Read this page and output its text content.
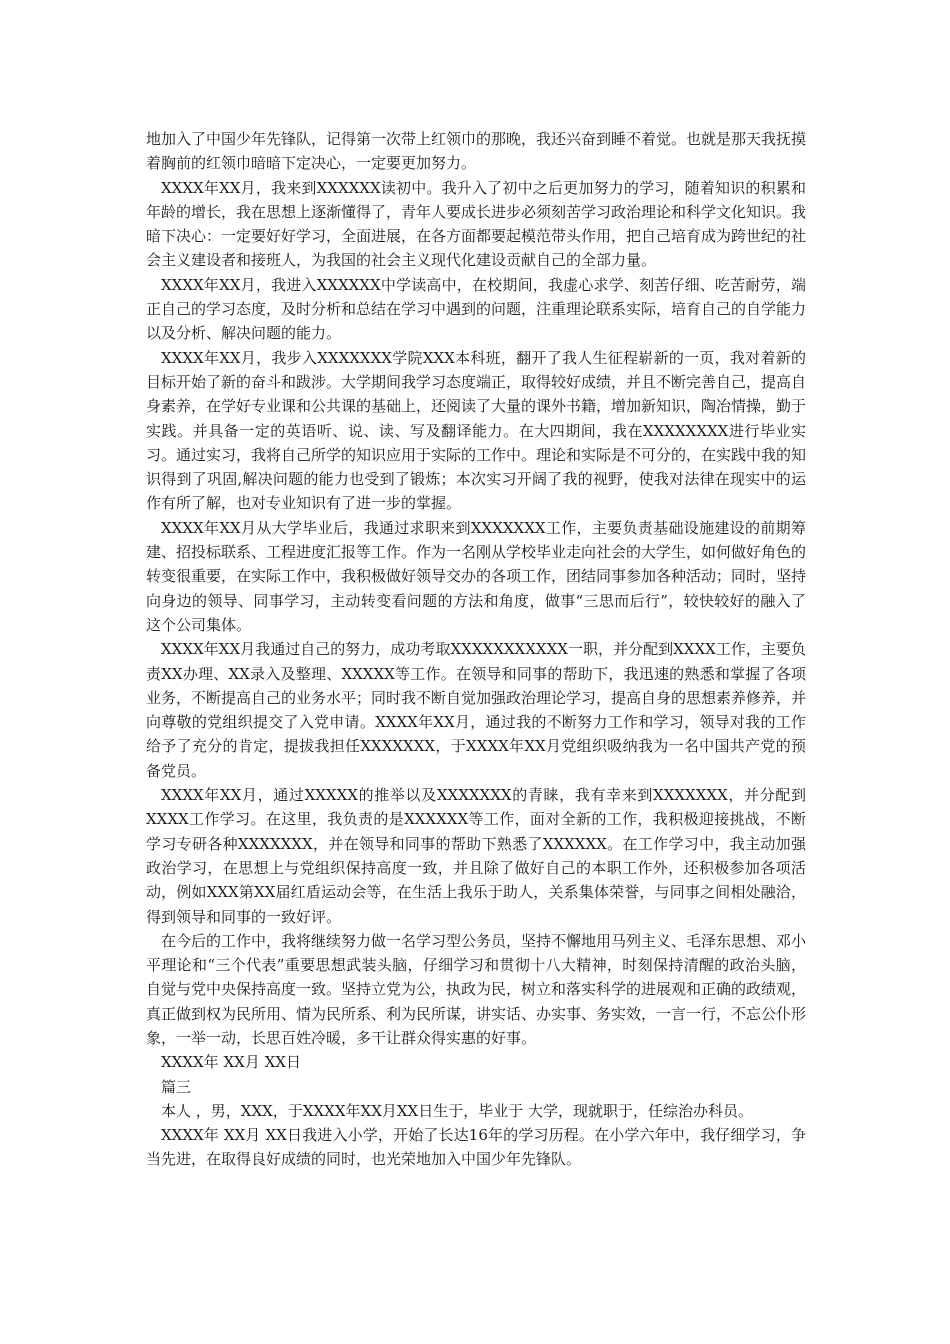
地加入了中国少年先锋队，记得第一次带上红领巾的那晚，我还兴奋到睡不着觉。也就是那天我抚摸着胸前的红领巾暗暗下定决心，一定要更加努力。

XXXX年XX月，我来到XXXXXX读初中。我升入了初中之后更加努力的学习，随着知识的积累和年龄的增长，我在思想上逐渐懂得了，青年人要成长进步必须刻苦学习政治理论和科学文化知识。我暗下决心：一定要好好学习，全面进展，在各方面都要起模范带头作用，把自己培育成为跨世纪的社会主义建设者和接班人，为我国的社会主义现代化建设贡献自己的全部力量。

XXXX年XX月，我进入XXXXXX中学读高中，在校期间，我虚心求学、刻苦仔细、吃苦耐劳，端正自己的学习态度，及时分析和总结在学习中遇到的问题，注重理论联系实际，培育自己的自学能力以及分析、解决问题的能力。

XXXX年XX月，我步入XXXXXXX学院XXX本科班，翻开了我人生征程崭新的一页，我对着新的目标开始了新的奋斗和跋涉。大学期间我学习态度端正，取得较好成绩，并且不断完善自己，提高自身素养，在学好专业课和公共课的基础上，还阅读了大量的课外书籍，增加新知识，陶冶情操，勤于实践。并具备一定的英语听、说、读、写及翻译能力。在大四期间，我在XXXXXXXX进行毕业实习。通过实习，我将自己所学的知识应用于实际的工作中。理论和实际是不可分的，在实践中我的知识得到了巩固,解决问题的能力也受到了锻炼；本次实习开阔了我的视野，使我对法律在现实中的运作有所了解，也对专业知识有了进一步的掌握。

XXXX年XX月从大学毕业后，我通过求职来到XXXXXXX工作，主要负责基础设施建设的前期筹建、招投标联系、工程进度汇报等工作。作为一名刚从学校毕业走向社会的大学生，如何做好角色的转变很重要，在实际工作中，我积极做好领导交办的各项工作，团结同事参加各种活动；同时，坚持向身边的领导、同事学习，主动转变看问题的方法和角度，做事“三思而后行”，较快较好的融入了这个公司集体。

XXXX年XX月我通过自己的努力，成功考取XXXXXXXXXXX一职，并分配到XXXX工作，主要负责XX办理、XX录入及整理、XXXXX等工作。在领导和同事的帮助下，我迅速的熟悉和掌握了各项业务，不断提高自己的业务水平；同时我不断自觉加强政治理论学习，提高自身的思想素养修养，并向尊敬的党组织提交了入党申请。XXXX年XX月，通过我的不断努力工作和学习，领导对我的工作给予了充分的肯定，提拔我担任XXXXXXX，于XXXX年XX月党组织吸纳我为一名中国共产党的预备党员。

XXXX年XX月，通过XXXXX的推举以及XXXXXXX的青睐，我有幸来到XXXXXXX，并分配到XXXX工作学习。在这里，我负责的是XXXXXX等工作，面对全新的工作，我积极迎接挑战，不断学习专研各种XXXXXXX，并在领导和同事的帮助下熟悉了XXXXXX。在工作学习中，我主动加强政治学习，在思想上与党组织保持高度一致，并且除了做好自己的本职工作外，还积极参加各项活动，例如XXX第XX届红盾运动会等，在生活上我乐于助人，关系集体荣誉，与同事之间相处融洽，得到领导和同事的一致好评。

在今后的工作中，我将继续努力做一名学习型公务员，坚持不懈地用马列主义、毛泽东思想、邓小平理论和“三个代表”重要思想武装头脑，仔细学习和贯彻十八大精神，时刻保持清醒的政治头脑，自觉与党中央保持高度一致。坚持立党为公，执政为民，树立和落实科学的进展观和正确的政绩观，真正做到权为民所用、情为民所系、利为民所谋，讲实话、办实事、务实效，一言一行，不忘公仆形象，一举一动，长思百姓冷暖，多干让群众得实惠的好事。

XXXX年 XX月 XX日

篇三

本人 ，男，XXX，于XXXX年XX月XX日生于，毕业于 大学，现就职于，任综治办科员。

XXXX年 XX月 XX日我进入小学，开始了长达16年的学习历程。在小学六年中，我仔细学习，争当先进，在取得良好成绩的同时，也光荣地加入中国少年先锋队。
